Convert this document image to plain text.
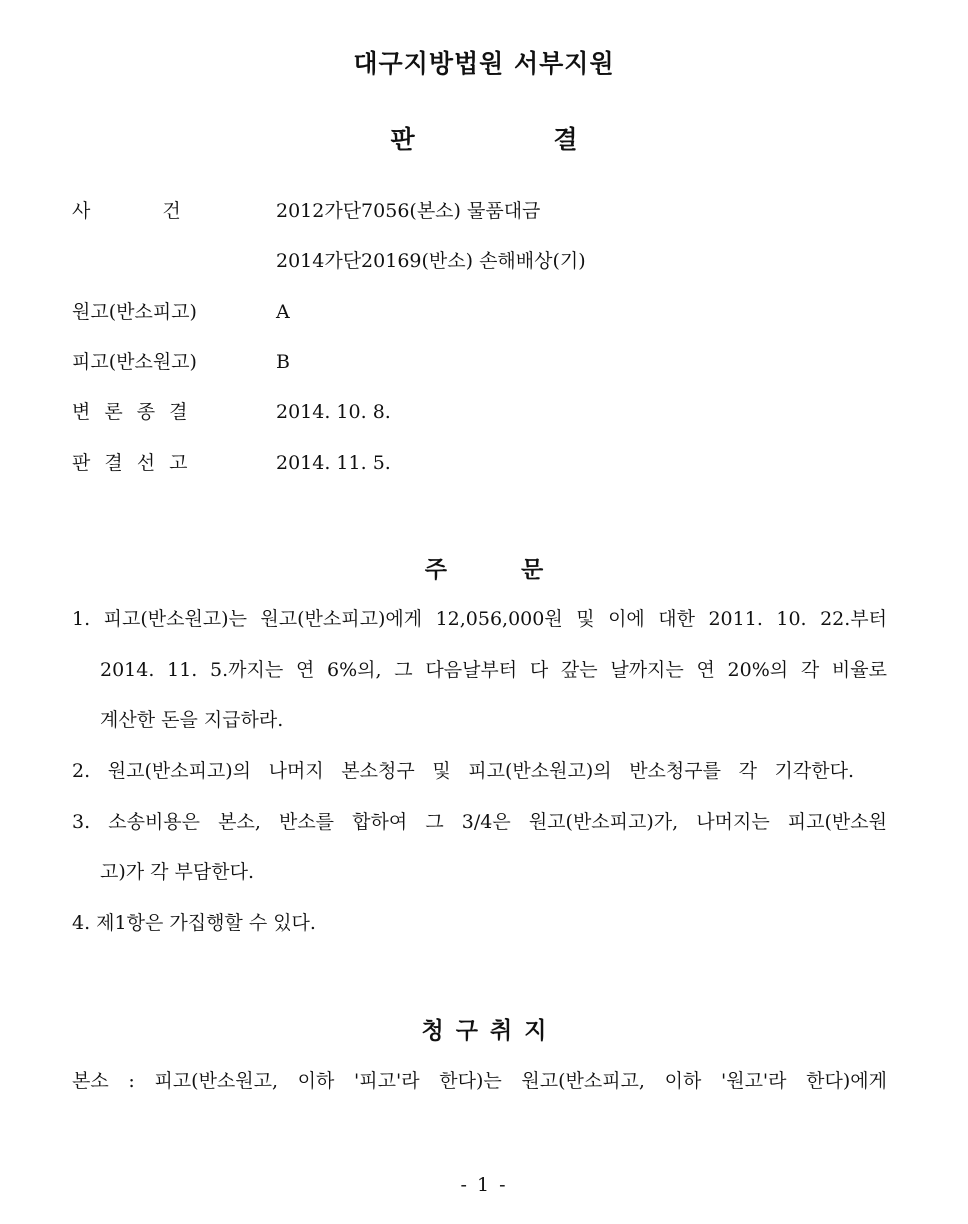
대구지방법원 서부지원
판 결
사 건	2012가단7056(본소) 물품대금
2014가단20169(반소) 손해배상(기)
원고(반소피고)	A
피고(반소원고)	B
변 론 종 결	2014. 10. 8.
판 결 선 고	2014. 11. 5.
주 문
1. 피고(반소원고)는 원고(반소피고)에게 12,056,000원 및 이에 대한 2011. 10. 22.부터
2014. 11. 5.까지는 연 6%의, 그 다음날부터 다 갚는 날까지는 연 20%의 각 비율로
계산한 돈을 지급하라.
2. 원고(반소피고)의 나머지 본소청구 및 피고(반소원고)의 반소청구를 각 기각한다.
3. 소송비용은 본소, 반소를 합하여 그 3/4은 원고(반소피고)가, 나머지는 피고(반소원
고)가 각 부담한다.
4. 제1항은 가집행할 수 있다.
청 구 취 지
본소 : 피고(반소원고, 이하 '피고'라 한다)는 원고(반소피고, 이하 '원고'라 한다)에게
- 1 -
